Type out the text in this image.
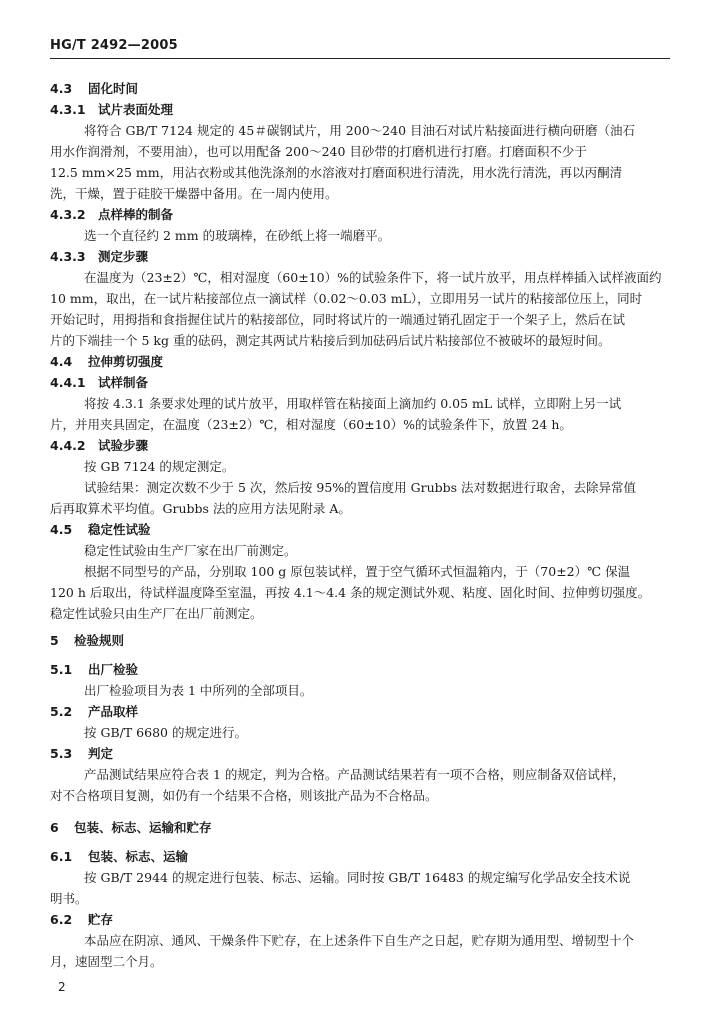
HG/T 2492—2005
4.3 固化时间
4.3.1 试片表面处理
将符合 GB/T 7124 规定的 45＃碳钢试片，用 200～240 目油石对试片粘接面进行横向研磨（油石
用水作润滑剂，不要用油），也可以用配备 200～240 目砂带的打磨机进行打磨。打磨面积不少于
12.5 mm×25 mm，用沾衣粉或其他洗涤剂的水溶液对打磨面积进行清洗，用水洗行清洗，再以丙酮清
洗，干燥，置于硅胶干燥器中备用。在一周内使用。
4.3.2 点样棒的制备
选一个直径约 2 mm 的玻璃棒，在砂纸上将一端磨平。
4.3.3 测定步骤
在温度为（23±2）℃，相对湿度（60±10）%的试验条件下，将一试片放平，用点样棒插入试样液面约
10 mm，取出，在一试片粘接部位点一滴试样（0.02～0.03 mL），立即用另一试片的粘接部位压上，同时
开始记时，用拇指和食指握住试片的粘接部位，同时将试片的一端通过销孔固定于一个架子上，然后在试
片的下端挂一个 5 kg 重的砝码，测定其两试片粘接后到加砝码后试片粘接部位不被破坏的最短时间。
4.4 拉伸剪切强度
4.4.1 试样制备
将按 4.3.1 条要求处理的试片放平，用取样管在粘接面上滴加约 0.05 mL 试样，立即附上另一试
片，并用夹具固定，在温度（23±2）℃，相对湿度（60±10）%的试验条件下，放置 24 h。
4.4.2 试验步骤
按 GB 7124 的规定测定。
试验结果：测定次数不少于 5 次，然后按 95%的置信度用 Grubbs 法对数据进行取舍，去除异常值
后再取算术平均值。Grubbs 法的应用方法见附录 A。
4.5 稳定性试验
稳定性试验由生产厂家在出厂前测定。
根据不同型号的产品，分别取 100 g 原包装试样，置于空气循环式恒温箱内，于（70±2）℃ 保温
120 h 后取出，待试样温度降至室温，再按 4.1～4.4 条的规定测试外观、粘度、固化时间、拉伸剪切强度。
稳定性试验只由生产厂在出厂前测定。
5 检验规则
5.1 出厂检验
出厂检验项目为表 1 中所列的全部项目。
5.2 产品取样
按 GB/T 6680 的规定进行。
5.3 判定
产品测试结果应符合表 1 的规定，判为合格。产品测试结果若有一项不合格，则应制备双倍试样，
对不合格项目复测，如仍有一个结果不合格，则该批产品为不合格品。
6 包装、标志、运输和贮存
6.1 包装、标志、运输
按 GB/T 2944 的规定进行包装、标志、运输。同时按 GB/T 16483 的规定编写化学品安全技术说
明书。
6.2 贮存
本品应在阴凉、通风、干燥条件下贮存，在上述条件下自生产之日起，贮存期为通用型、增韧型十个
月，速固型二个月。
2
